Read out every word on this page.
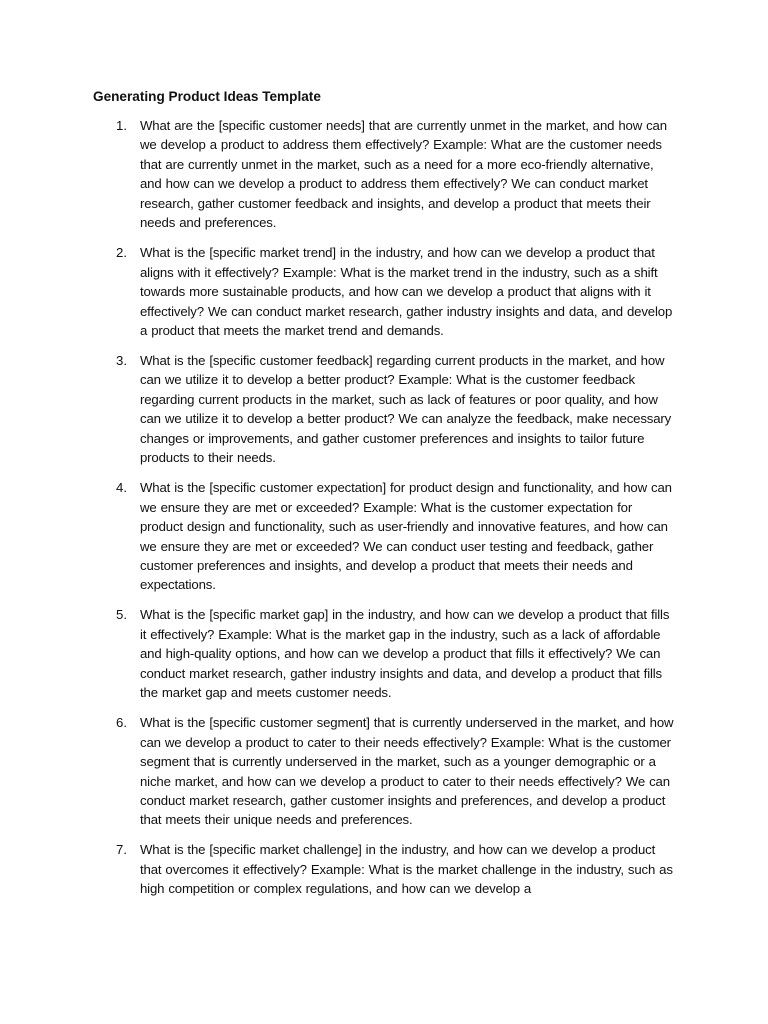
Generating Product Ideas Template
1. What are the [specific customer needs] that are currently unmet in the market, and how can we develop a product to address them effectively? Example: What are the customer needs that are currently unmet in the market, such as a need for a more eco-friendly alternative, and how can we develop a product to address them effectively? We can conduct market research, gather customer feedback and insights, and develop a product that meets their needs and preferences.

2. What is the [specific market trend] in the industry, and how can we develop a product that aligns with it effectively? Example: What is the market trend in the industry, such as a shift towards more sustainable products, and how can we develop a product that aligns with it effectively? We can conduct market research, gather industry insights and data, and develop a product that meets the market trend and demands.

3. What is the [specific customer feedback] regarding current products in the market, and how can we utilize it to develop a better product? Example: What is the customer feedback regarding current products in the market, such as lack of features or poor quality, and how can we utilize it to develop a better product? We can analyze the feedback, make necessary changes or improvements, and gather customer preferences and insights to tailor future products to their needs.

4. What is the [specific customer expectation] for product design and functionality, and how can we ensure they are met or exceeded? Example: What is the customer expectation for product design and functionality, such as user-friendly and innovative features, and how can we ensure they are met or exceeded? We can conduct user testing and feedback, gather customer preferences and insights, and develop a product that meets their needs and expectations.

5. What is the [specific market gap] in the industry, and how can we develop a product that fills it effectively? Example: What is the market gap in the industry, such as a lack of affordable and high-quality options, and how can we develop a product that fills it effectively? We can conduct market research, gather industry insights and data, and develop a product that fills the market gap and meets customer needs.

6. What is the [specific customer segment] that is currently underserved in the market, and how can we develop a product to cater to their needs effectively? Example: What is the customer segment that is currently underserved in the market, such as a younger demographic or a niche market, and how can we develop a product to cater to their needs effectively? We can conduct market research, gather customer insights and preferences, and develop a product that meets their unique needs and preferences.

7. What is the [specific market challenge] in the industry, and how can we develop a product that overcomes it effectively? Example: What is the market challenge in the industry, such as high competition or complex regulations, and how can we develop a
